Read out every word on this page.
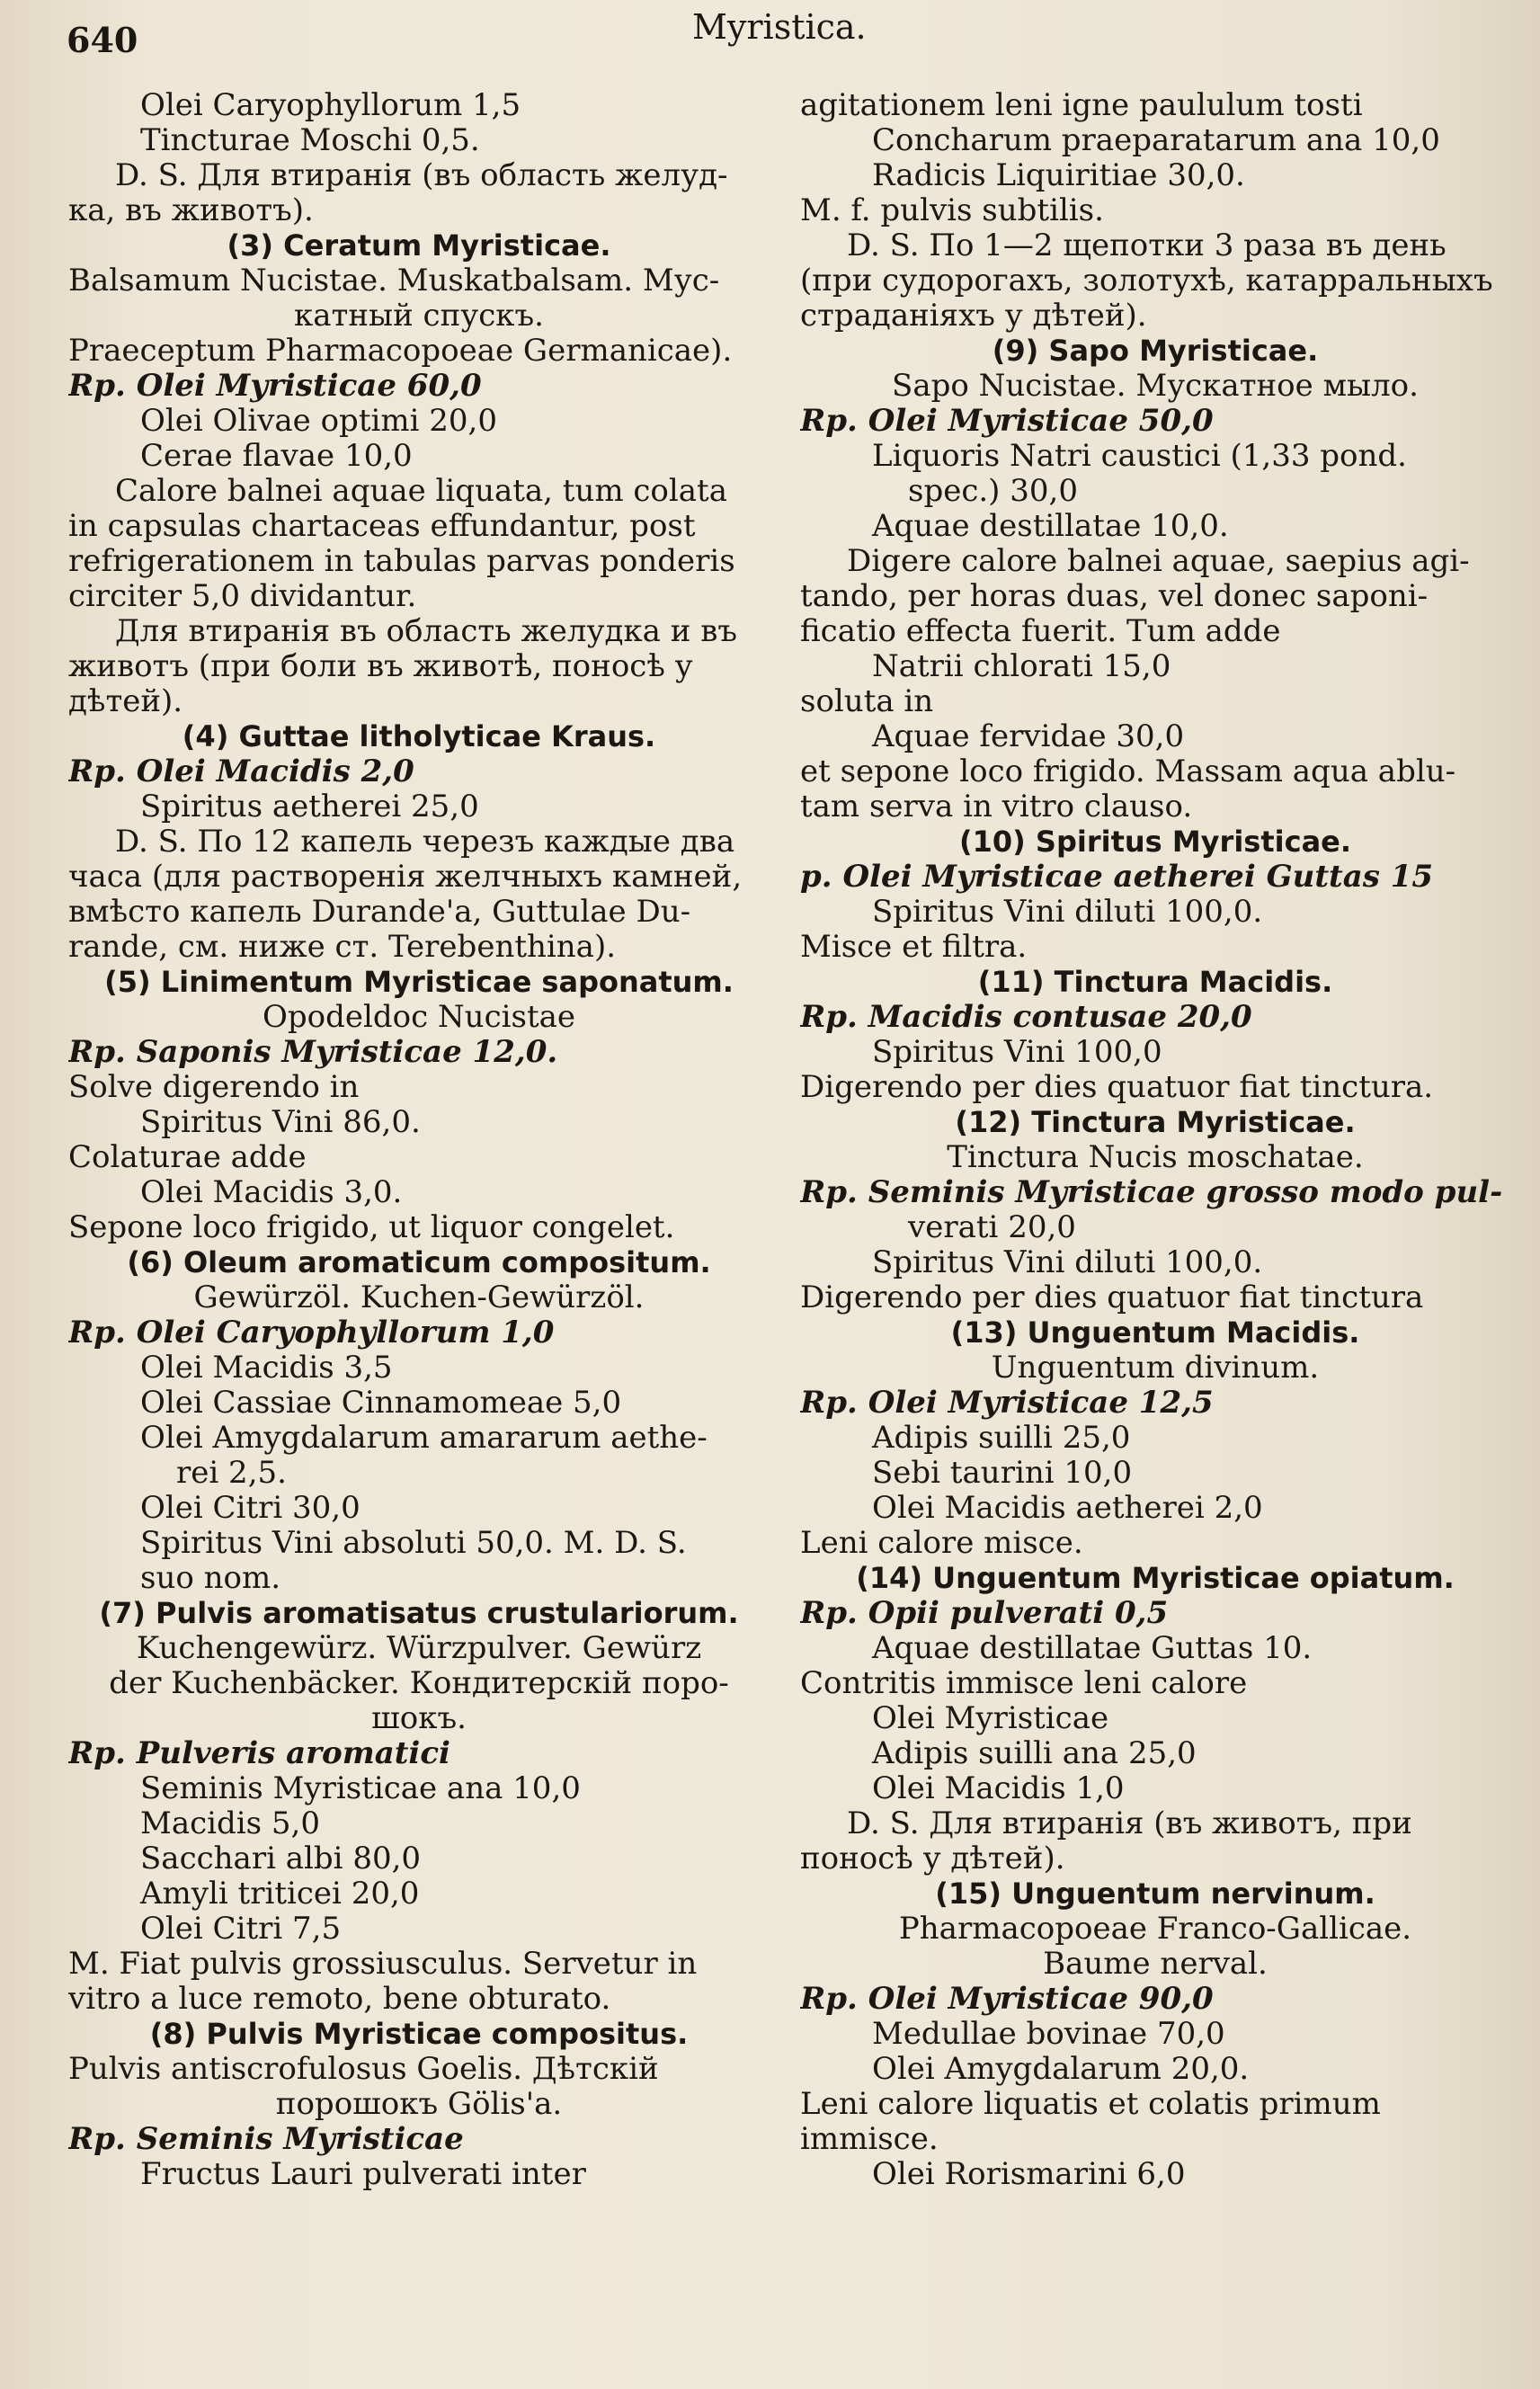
640	Myristica.
Olei Caryophyllorum 1,5
Tincturae Moschi 0,5.
D. S. Для втиранія (въ область желуд-
ка, въ животъ).
(3) Ceratum Myristicae.
Balsamum Nucistae. Muskatbalsam. Мус-
катный спускъ.
Praeceptum Pharmacopoeae Germanicae).
Rp. Olei Myristicae 60,0
Olei Olivae optimi 20,0
Cerae flavae 10,0
Calore balnei aquae liquata, tum colata
in capsulas chartaceas effundantur, post
refrigerationem in tabulas parvas ponderis
circiter 5,0 dividantur.
Для втиранія въ область желудка и въ
животъ (при боли въ животѣ, поносѣ у
дѣтей).
(4) Guttae litholyticae Kraus.
Rp. Olei Macidis 2,0
Spiritus aetherei 25,0
D. S. По 12 капель черезъ каждые два
часа (для растворенія желчныхъ камней,
вмѣсто капель Durande'a, Guttulae Du-
rande, см. ниже ст. Terebenthina).
(5) Linimentum Myristicae saponatum.
Opodeldoc Nucistae
Rp. Saponis Myristicae 12,0.
Solve digerendo in
Spiritus Vini 86,0.
Colaturae adde
Olei Macidis 3,0.
Sepone loco frigido, ut liquor congelet.
(6) Oleum aromaticum compositum.
Gewürzöl. Kuchen-Gewürzöl.
Rp. Olei Caryophyllorum 1,0
Olei Macidis 3,5
Olei Cassiae Cinnamomeae 5,0
Olei Amygdalarum amararum aethe-
rei 2,5.
Olei Citri 30,0
Spiritus Vini absoluti 50,0. M. D. S.
suo nom.
(7) Pulvis aromatisatus crustulariorum.
Kuchengewürz. Würzpulver. Gewürz
der Kuchenbäcker. Кондитерскій поро-
шокъ.
Rp. Pulveris aromatici
Seminis Myristicae ana 10,0
Macidis 5,0
Sacchari albi 80,0
Amyli triticei 20,0
Olei Citri 7,5
M. Fiat pulvis grossiusculus. Servetur in
vitro a luce remoto, bene obturato.
(8) Pulvis Myristicae compositus.
Pulvis antiscrofulosus Goelis. Дѣтскій
порошокъ Gölis'a.
Rp. Seminis Myristicae
Fructus Lauri pulverati inter
agitationem leni igne paululum tosti
Concharum praeparatarum ana 10,0
Radicis Liquiritiae 30,0.
M. f. pulvis subtilis.
D. S. По 1—2 щепотки 3 раза въ день
(при судорогахъ, золотухѣ, катарральныхъ
страданіяхъ у дѣтей).
(9) Sapo Myristicae.
Sapo Nucistae. Мускатное мыло.
Rp. Olei Myristicae 50,0
Liquoris Natri caustici (1,33 pond.
spec.) 30,0
Aquae destillatae 10,0.
Digere calore balnei aquae, saepius agi-
tando, per horas duas, vel donec saponi-
ficatio effecta fuerit. Tum adde
Natrii chlorati 15,0
soluta in
Aquae fervidae 30,0
et sepone loco frigido. Massam aqua ablu-
tam serva in vitro clauso.
(10) Spiritus Myristicae.
p. Olei Myristicae aetherei Guttas 15
Spiritus Vini diluti 100,0.
Misce et filtra.
(11) Tinctura Macidis.
Rp. Macidis contusae 20,0
Spiritus Vini 100,0
Digerendo per dies quatuor fiat tinctura.
(12) Tinctura Myristicae.
Tinctura Nucis moschatae.
Rp. Seminis Myristicae grosso modo pul-
verati 20,0
Spiritus Vini diluti 100,0.
Digerendo per dies quatuor fiat tinctura
(13) Unguentum Macidis.
Unguentum divinum.
Rp. Olei Myristicae 12,5
Adipis suilli 25,0
Sebi taurini 10,0
Olei Macidis aetherei 2,0
Leni calore misce.
(14) Unguentum Myristicae opiatum.
Rp. Opii pulverati 0,5
Aquae destillatae Guttas 10.
Contritis immisce leni calore
Olei Myristicae
Adipis suilli ana 25,0
Olei Macidis 1,0
D. S. Для втиранія (въ животъ, при
поносѣ у дѣтей).
(15) Unguentum nervinum.
Pharmacopoeae Franco-Gallicae.
Baume nerval.
Rp. Olei Myristicae 90,0
Medullae bovinae 70,0
Olei Amygdalarum 20,0.
Leni calore liquatis et colatis primum
immisce.
Olei Rorismarini 6,0
